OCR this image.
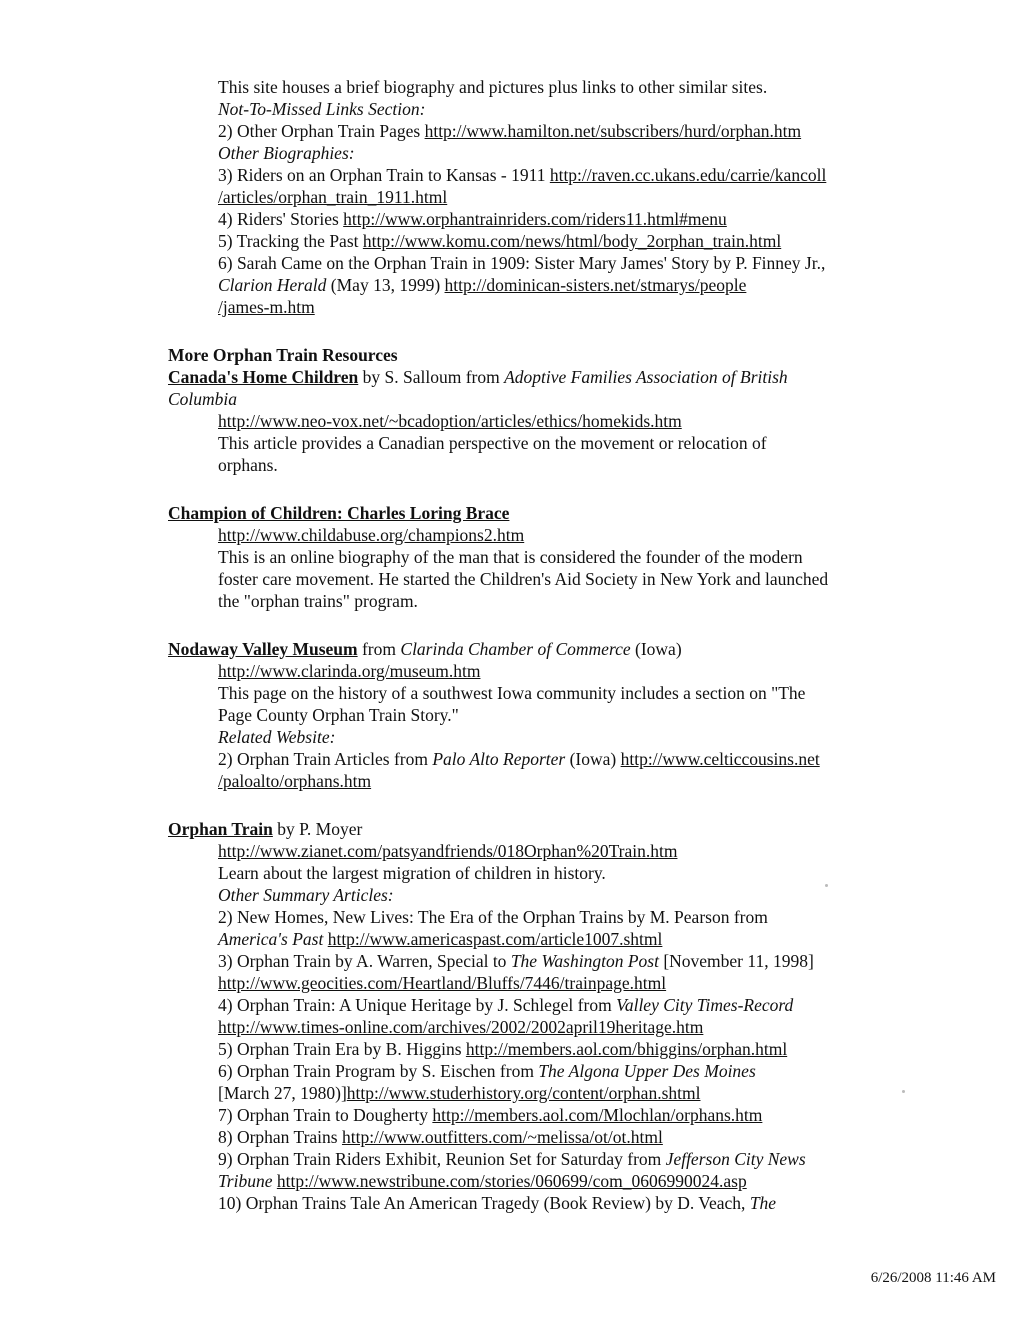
This site houses a brief biography and pictures plus links to other similar sites.
Not-To-Missed Links Section:
2) Other Orphan Train Pages http://www.hamilton.net/subscribers/hurd/orphan.htm
Other Biographies:
3) Riders on an Orphan Train to Kansas - 1911 http://raven.cc.ukans.edu/carrie/kancoll
/articles/orphan_train_1911.html
4) Riders' Stories http://www.orphantrainriders.com/riders11.html#menu
5) Tracking the Past http://www.komu.com/news/html/body_2orphan_train.html
6) Sarah Came on the Orphan Train in 1909: Sister Mary James' Story by P. Finney Jr.,
Clarion Herald (May 13, 1999) http://dominican-sisters.net/stmarys/people
/james-m.htm
More Orphan Train Resources
Canada's Home Children by S. Salloum from Adoptive Families Association of British
Columbia
http://www.neo-vox.net/~bcadoption/articles/ethics/homekids.htm
This article provides a Canadian perspective on the movement or relocation of
orphans.
Champion of Children: Charles Loring Brace
http://www.childabuse.org/champions2.htm
This is an online biography of the man that is considered the founder of the modern
foster care movement. He started the Children's Aid Society in New York and launched
the "orphan trains" program.
Nodaway Valley Museum from Clarinda Chamber of Commerce (Iowa)
http://www.clarinda.org/museum.htm
This page on the history of a southwest Iowa community includes a section on "The
Page County Orphan Train Story."
Related Website:
2) Orphan Train Articles from Palo Alto Reporter (Iowa) http://www.celticcousins.net
/paloalto/orphans.htm
Orphan Train by P. Moyer
http://www.zianet.com/patsyandfriends/018Orphan%20Train.htm
Learn about the largest migration of children in history.
Other Summary Articles:
2) New Homes, New Lives: The Era of the Orphan Trains by M. Pearson from
America's Past http://www.americaspast.com/article1007.shtml
3) Orphan Train by A. Warren, Special to The Washington Post [November 11, 1998]
http://www.geocities.com/Heartland/Bluffs/7446/trainpage.html
4) Orphan Train: A Unique Heritage by J. Schlegel from Valley City Times-Record
http://www.times-online.com/archives/2002/2002april19heritage.htm
5) Orphan Train Era by B. Higgins http://members.aol.com/bhiggins/orphan.html
6) Orphan Train Program by S. Eischen from The Algona Upper Des Moines
[March 27, 1980)]http://www.studerhistory.org/content/orphan.shtml
7) Orphan Train to Dougherty http://members.aol.com/Mlochlan/orphans.htm
8) Orphan Trains http://www.outfitters.com/~melissa/ot/ot.html
9) Orphan Train Riders Exhibit, Reunion Set for Saturday from Jefferson City News
Tribune http://www.newstribune.com/stories/060699/com_0606990024.asp
10) Orphan Trains Tale An American Tragedy (Book Review) by D. Veach, The
6/26/2008 11:46 AM
